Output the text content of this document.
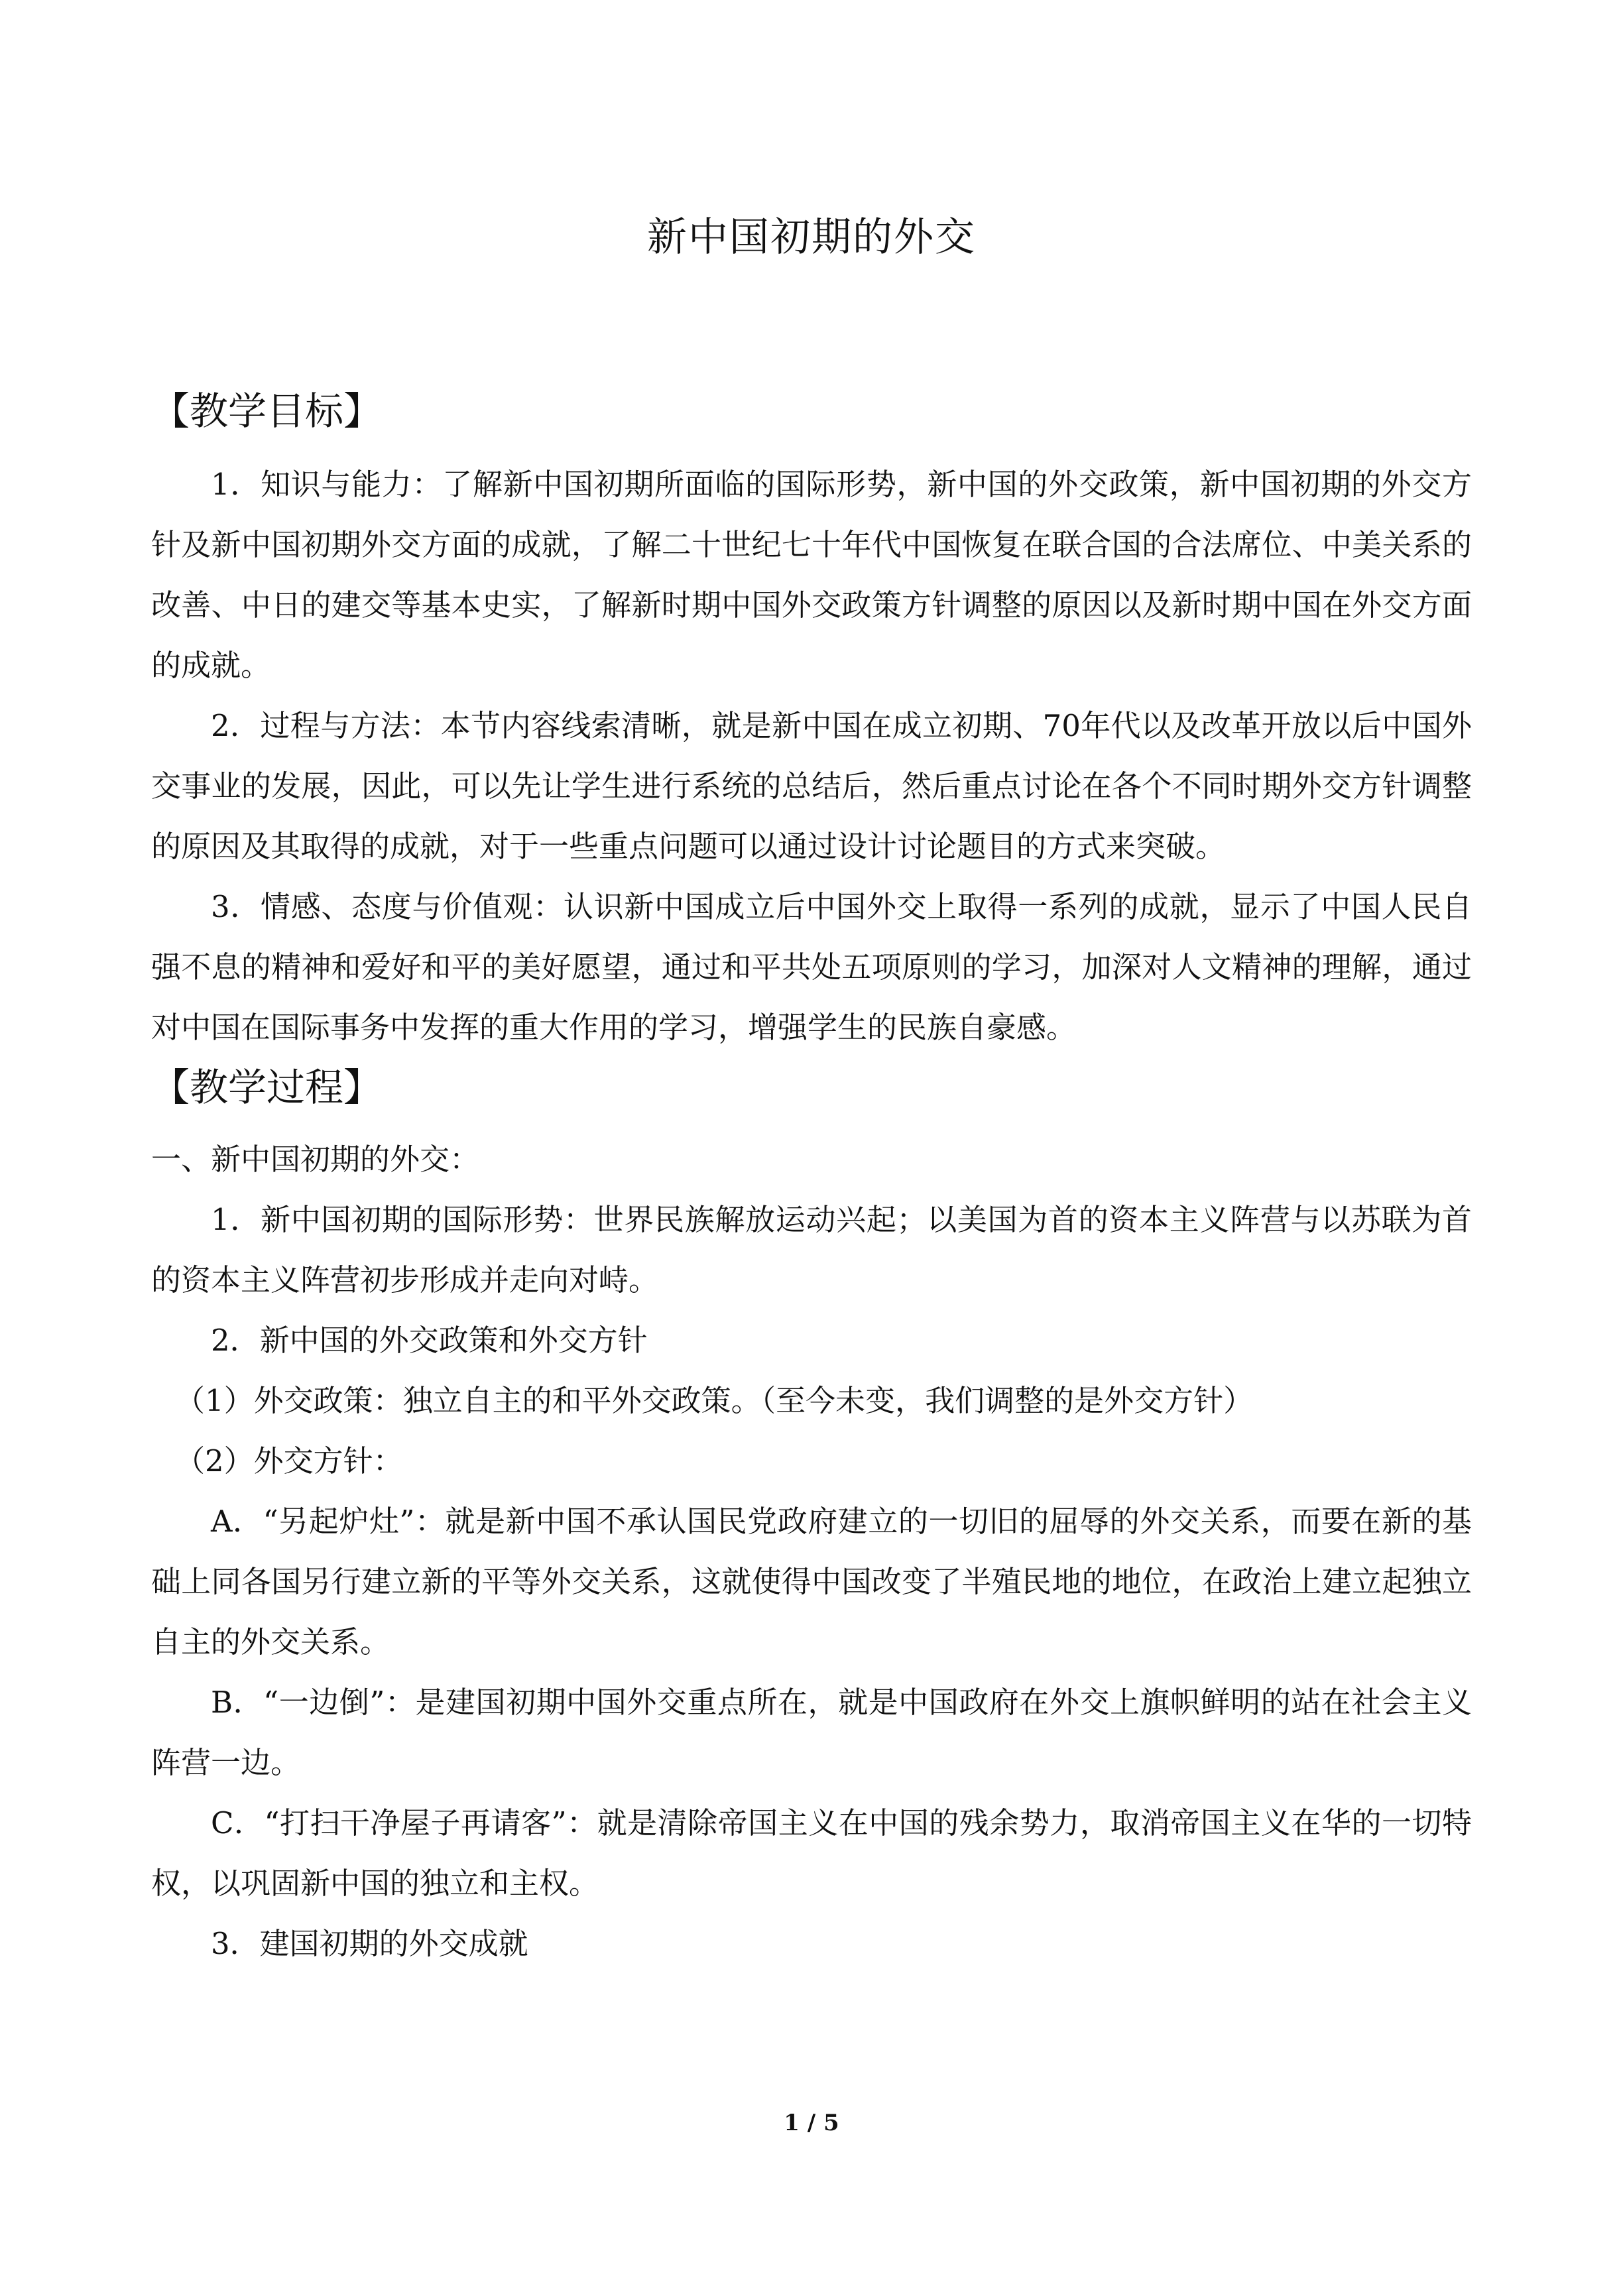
新中国初期的外交

【教学目标】

1．知识与能力：了解新中国初期所面临的国际形势，新中国的外交政策，新中国初期的外交方针及新中国初期外交方面的成就，了解二十世纪七十年代中国恢复在联合国的合法席位、中美关系的改善、中日的建交等基本史实，了解新时期中国外交政策方针调整的原因以及新时期中国在外交方面的成就。

2．过程与方法：本节内容线索清晰，就是新中国在成立初期、70年代以及改革开放以后中国外交事业的发展，因此，可以先让学生进行系统的总结后，然后重点讨论在各个不同时期外交方针调整的原因及其取得的成就，对于一些重点问题可以通过设计讨论题目的方式来突破。

3．情感、态度与价值观：认识新中国成立后中国外交上取得一系列的成就，显示了中国人民自强不息的精神和爱好和平的美好愿望，通过和平共处五项原则的学习，加深对人文精神的理解，通过对中国在国际事务中发挥的重大作用的学习，增强学生的民族自豪感。

【教学过程】

一、新中国初期的外交：

1．新中国初期的国际形势：世界民族解放运动兴起；以美国为首的资本主义阵营与以苏联为首的资本主义阵营初步形成并走向对峙。

2．新中国的外交政策和外交方针

（1）外交政策：独立自主的和平外交政策。（至今未变，我们调整的是外交方针）

（2）外交方针：

A．“另起炉灶”：就是新中国不承认国民党政府建立的一切旧的屈辱的外交关系，而要在新的基础上同各国另行建立新的平等外交关系，这就使得中国改变了半殖民地的地位，在政治上建立起独立自主的外交关系。

B．“一边倒”：是建国初期中国外交重点所在，就是中国政府在外交上旗帜鲜明的站在社会主义阵营一边。

C．“打扫干净屋子再请客”：就是清除帝国主义在中国的残余势力，取消帝国主义在华的一切特权，以巩固新中国的独立和主权。

3．建国初期的外交成就

1 / 5
